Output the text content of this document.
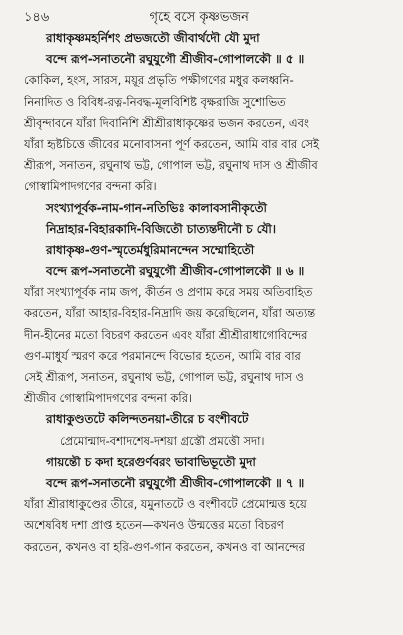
১৪৬	গৃহে বসে কৃষ্ণভজন
রাধাকৃষ্ণমহর্নিশং প্রভজতৌ জীবার্থদৌ যৌ মুদা
বন্দে রূপ-সনাতনৌ রঘুযুগৌ শ্রীজীব-গোপালকৌ ॥ ৫ ॥
কোকিল, হংস, সারস, ময়ূর প্রভৃতি পক্ষীগণের মধুর কলধ্বনি-
নিনাদিত ও বিবিধ-রত্ন-নিবদ্ধ-মূলবিশিষ্ট বৃক্ষরাজি সুশোভিত
শ্রীবৃন্দাবনে যাঁরা দিবানিশি শ্রীশ্রীরাধাকৃষ্ণের ভজন করতেন, এবং
যাঁরা হৃষ্টচিত্তে জীবের মনোবাসনা পূর্ণ করতেন, আমি বার বার সেই
শ্রীরূপ, সনাতন, রঘুনাথ ভট্ট, গোপাল ভট্ট, রঘুনাথ দাস ও শ্রীজীব
গোস্বামিপাদগণের বন্দনা করি।
সংখ্যাপূর্বক-নাম-গান-নতিভিঃ কালাবসানীকৃতৌ
নিদ্রাহার-বিহারকাদি-বিজিতৌ চাত্যন্তদীনৌ চ যৌ।
রাধাকৃষ্ণ-গুণ-স্মৃতের্মধুরিমানন্দেন সম্মোহিতৌ
বন্দে রূপ-সনাতনৌ রঘুযুগৌ শ্রীজীব-গোপালকৌ ॥ ৬ ॥
যাঁরা সংখ্যাপূর্বক নাম জপ, কীর্তন ও প্রণাম করে সময় অতিবাহিত
করতেন, যাঁরা আহার-বিহার-নিদ্রাদি জয় করেছিলেন, যাঁরা অত্যন্ত
দীন-হীনের মতো বিচরণ করতেন এবং যাঁরা শ্রীশ্রীরাধাগোবিন্দের
গুণ-মাধুর্য স্মরণ করে পরমানন্দে বিভোর হতেন, আমি বার বার
সেই শ্রীরূপ, সনাতন, রঘুনাথ ভট্ট, গোপাল ভট্ট, রঘুনাথ দাস ও
শ্রীজীব গোস্বামিপাদগণের বন্দনা করি।
রাধাকুণ্ডতটে কলিন্দতনয়া-তীরে চ বংশীবটে
প্রেমোন্মাদ-বশাদশেষ-দশয়া গ্রস্তৌ প্রমত্তৌ সদা।
গায়ন্তৌ চ কদা হরেগুর্ণবরং ভাবাভিভূতৌ মুদা
বন্দে রূপ-সনাতনৌ রঘুযুগৌ শ্রীজীব-গোপালকৌ ॥ ৭ ॥
যাঁরা শ্রীরাধাকুণ্ডের তীরে, যমুনাতটে ও বংশীবটে প্রেমোন্মত্ত হয়ে
অশেষবিধ দশা প্রাপ্ত হতেন—কখনও উন্মত্তের মতো বিচরণ
করতেন, কখনও বা হরি-গুণ-গান করতেন, কখনও বা আনন্দের
